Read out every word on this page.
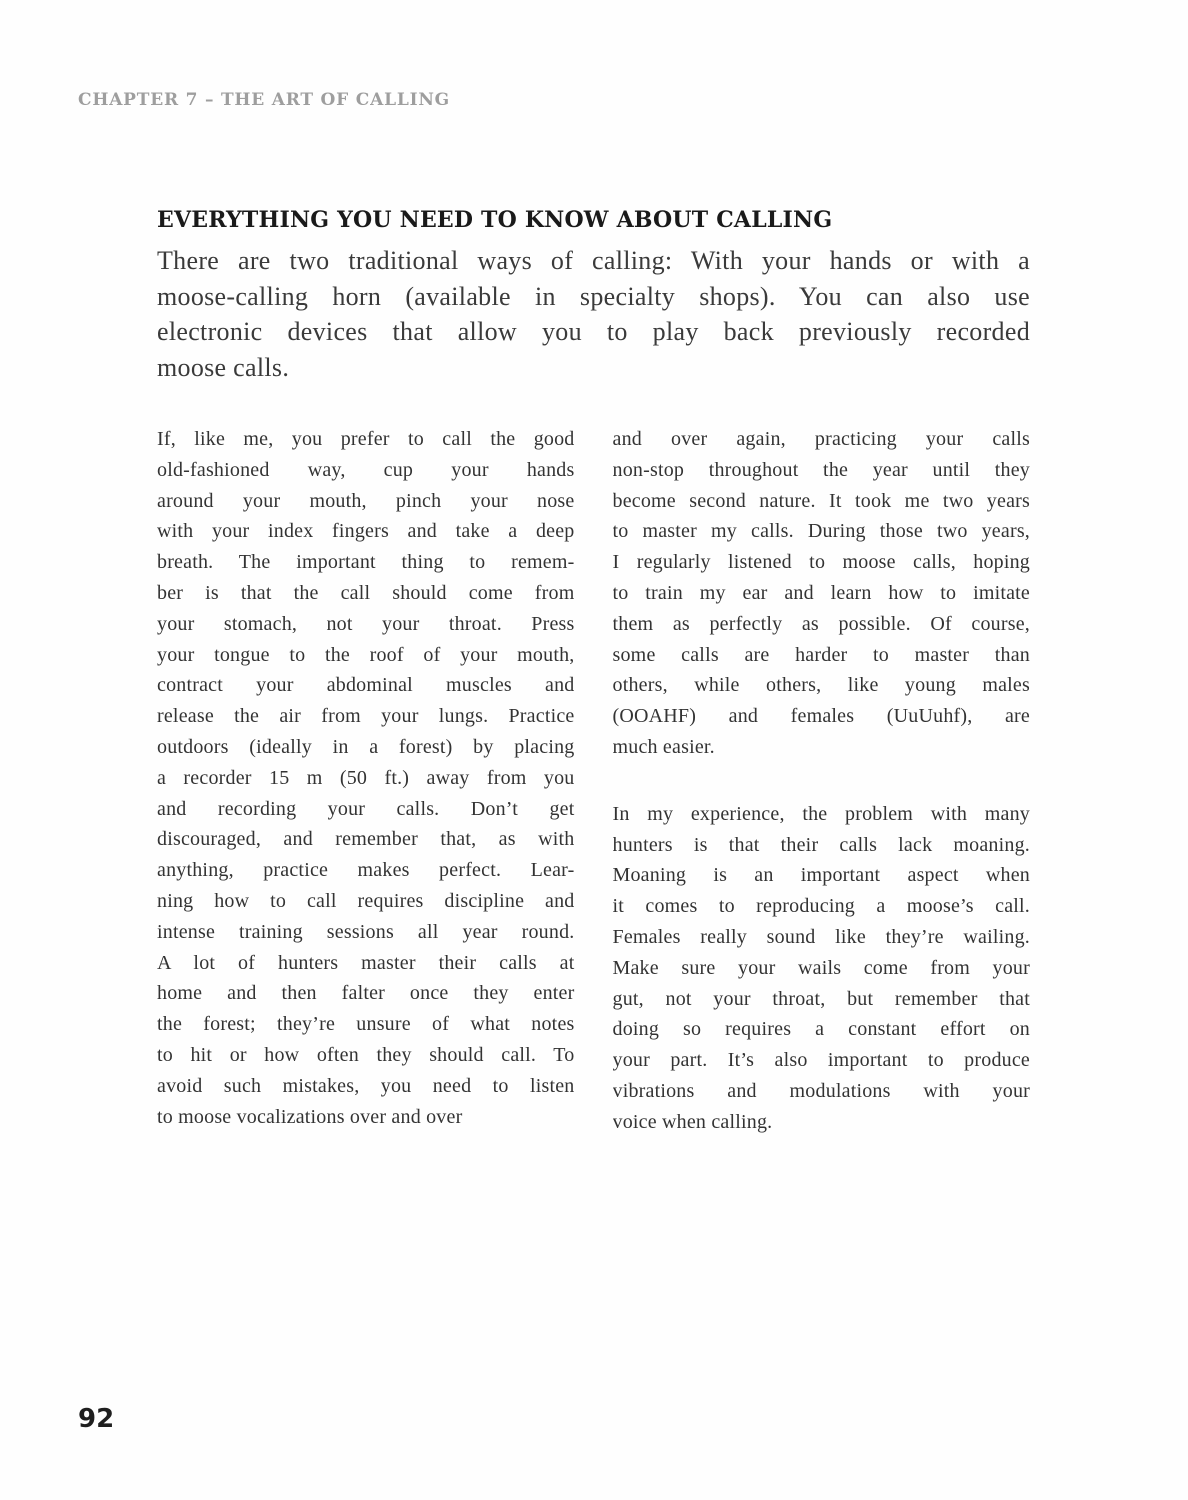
CHAPTER 7 – THE ART OF CALLING
EVERYTHING YOU NEED TO KNOW ABOUT CALLING
There are two traditional ways of calling: With your hands or with a
moose-calling horn (available in specialty shops). You can also use
electronic devices that allow you to play back previously recorded
moose calls.
If, like me, you prefer to call the good
old-fashioned way, cup your hands
around your mouth, pinch your nose
with your index fingers and take a deep
breath. The important thing to remem-
ber is that the call should come from
your stomach, not your throat. Press
your tongue to the roof of your mouth,
contract your abdominal muscles and
release the air from your lungs. Practice
outdoors (ideally in a forest) by placing
a recorder 15 m (50 ft.) away from you
and recording your calls. Don’t get
discouraged, and remember that, as with
anything, practice makes perfect. Lear-
ning how to call requires discipline and
intense training sessions all year round.
A lot of hunters master their calls at
home and then falter once they enter
the forest; they’re unsure of what notes
to hit or how often they should call. To
avoid such mistakes, you need to listen
to moose vocalizations over and over
and over again, practicing your calls
non-stop throughout the year until they
become second nature. It took me two years
to master my calls. During those two years,
I regularly listened to moose calls, hoping
to train my ear and learn how to imitate
them as perfectly as possible. Of course,
some calls are harder to master than
others, while others, like young males
(OOAHF) and females (UuUuhf), are
much easier.
In my experience, the problem with many
hunters is that their calls lack moaning.
Moaning is an important aspect when
it comes to reproducing a moose’s call.
Females really sound like they’re wailing.
Make sure your wails come from your
gut, not your throat, but remember that
doing so requires a constant effort on
your part. It’s also important to produce
vibrations and modulations with your
voice when calling.
92
